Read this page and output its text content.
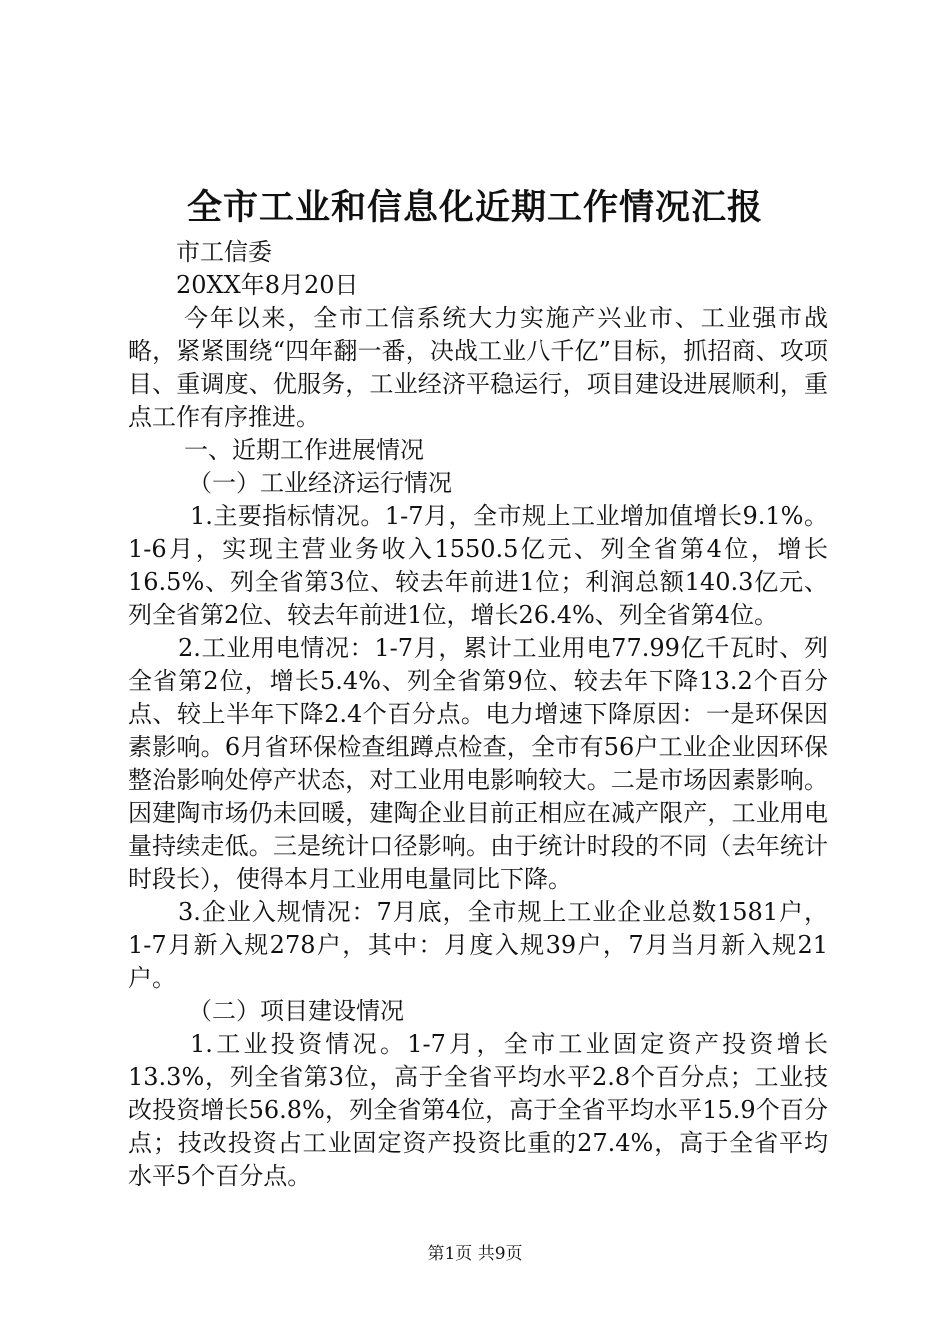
全市工业和信息化近期工作情况汇报

市工信委

20XX年8月20日

今年以来，全市工信系统大力实施产兴业市、工业强市战略，紧紧围绕“四年翻一番，决战工业八千亿”目标，抓招商、攻项目、重调度、优服务，工业经济平稳运行，项目建设进展顺利，重点工作有序推进。

一、近期工作进展情况

（一）工业经济运行情况

1.主要指标情况。1-7月，全市规上工业增加值增长9.1%。1-6月，实现主营业务收入1550.5亿元、列全省第4位，增长16.5%、列全省第3位、较去年前进1位；利润总额140.3亿元、列全省第2位、较去年前进1位，增长26.4%、列全省第4位。

2.工业用电情况：1-7月，累计工业用电77.99亿千瓦时、列全省第2位，增长5.4%、列全省第9位、较去年下降13.2个百分点、较上半年下降2.4个百分点。电力增速下降原因：一是环保因素影响。6月省环保检查组蹲点检查，全市有56户工业企业因环保整治影响处停产状态，对工业用电影响较大。二是市场因素影响。因建陶市场仍未回暖，建陶企业目前正相应在减产限产，工业用电量持续走低。三是统计口径影响。由于统计时段的不同（去年统计时段长），使得本月工业用电量同比下降。

3.企业入规情况：7月底，全市规上工业企业总数1581户，1-7月新入规278户，其中：月度入规39户，7月当月新入规21户。

（二）项目建设情况

1.工业投资情况。1-7月，全市工业固定资产投资增长13.3%，列全省第3位，高于全省平均水平2.8个百分点；工业技改投资增长56.8%，列全省第4位，高于全省平均水平15.9个百分点；技改投资占工业固定资产投资比重的27.4%，高于全省平均水平5个百分点。

第1页 共9页
